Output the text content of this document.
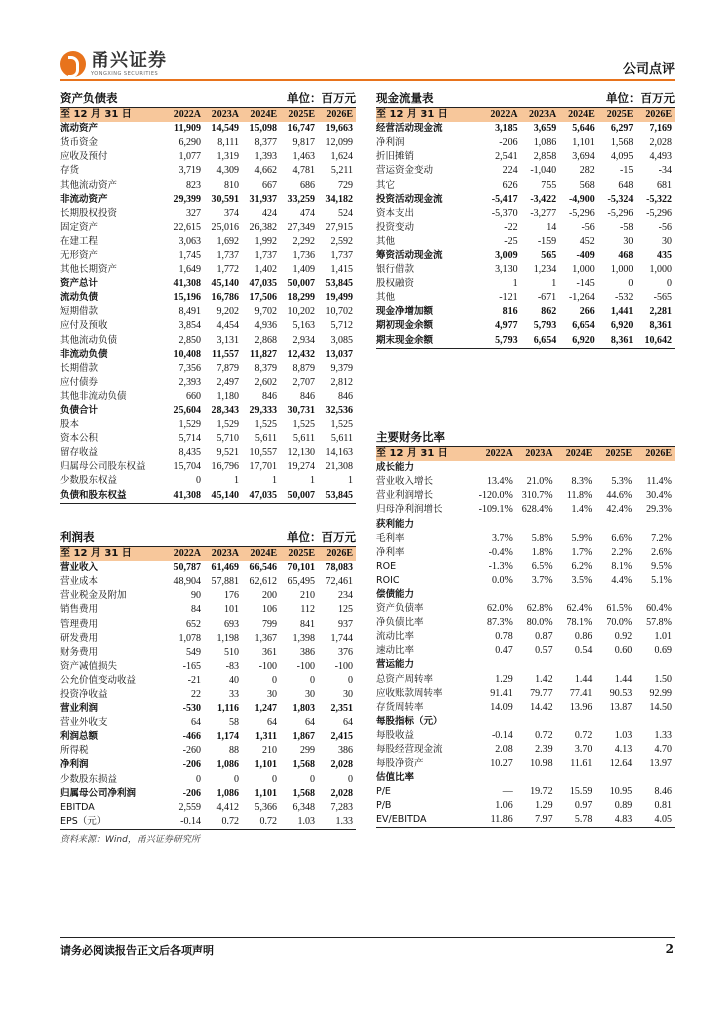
甬兴证券
YONGXING SECURITIES	公司点评
资产负债表	单位：百万元
至 12 月 31 日	2022A	2023A	2024E	2025E	2026E
流动资产	11,909	14,549	15,098	16,747	19,663
货币资金	6,290	8,111	8,377	9,817	12,099
应收及预付	1,077	1,319	1,393	1,463	1,624
存货	3,719	4,309	4,662	4,781	5,211
其他流动资产	823	810	667	686	729
非流动资产	29,399	30,591	31,937	33,259	34,182
长期股权投资	327	374	424	474	524
固定资产	22,615	25,016	26,382	27,349	27,915
在建工程	3,063	1,692	1,992	2,292	2,592
无形资产	1,745	1,737	1,737	1,736	1,737
其他长期资产	1,649	1,772	1,402	1,409	1,415
资产总计	41,308	45,140	47,035	50,007	53,845
流动负债	15,196	16,786	17,506	18,299	19,499
短期借款	8,491	9,202	9,702	10,202	10,702
应付及预收	3,854	4,454	4,936	5,163	5,712
其他流动负债	2,850	3,131	2,868	2,934	3,085
非流动负债	10,408	11,557	11,827	12,432	13,037
长期借款	7,356	7,879	8,379	8,879	9,379
应付债券	2,393	2,497	2,602	2,707	2,812
其他非流动负债	660	1,180	846	846	846
负债合计	25,604	28,343	29,333	30,731	32,536
股本	1,529	1,529	1,525	1,525	1,525
资本公积	5,714	5,710	5,611	5,611	5,611
留存收益	8,435	9,521	10,557	12,130	14,163
归属母公司股东权益	15,704	16,796	17,701	19,274	21,308
少数股东权益	0	1	1	1	1
负债和股东权益	41,308	45,140	47,035	50,007	53,845
现金流量表	单位：百万元
至 12 月 31 日	2022A	2023A	2024E	2025E	2026E
经营活动现金流	3,185	3,659	5,646	6,297	7,169
净利润	-206	1,086	1,101	1,568	2,028
折旧摊销	2,541	2,858	3,694	4,095	4,493
营运资金变动	224	-1,040	282	-15	-34
其它	626	755	568	648	681
投资活动现金流	-5,417	-3,422	-4,900	-5,324	-5,322
资本支出	-5,370	-3,277	-5,296	-5,296	-5,296
投资变动	-22	14	-56	-58	-56
其他	-25	-159	452	30	30
筹资活动现金流	3,009	565	-409	468	435
银行借款	3,130	1,234	1,000	1,000	1,000
股权融资	1	1	-145	0	0
其他	-121	-671	-1,264	-532	-565
现金净增加额	816	862	266	1,441	2,281
期初现金余额	4,977	5,793	6,654	6,920	8,361
期末现金余额	5,793	6,654	6,920	8,361	10,642
利润表	单位：百万元
至 12 月 31 日	2022A	2023A	2024E	2025E	2026E
营业收入	50,787	61,469	66,546	70,101	78,083
营业成本	48,904	57,881	62,612	65,495	72,461
营业税金及附加	90	176	200	210	234
销售费用	84	101	106	112	125
管理费用	652	693	799	841	937
研发费用	1,078	1,198	1,367	1,398	1,744
财务费用	549	510	361	386	376
资产减值损失	-165	-83	-100	-100	-100
公允价值变动收益	-21	40	0	0	0
投资净收益	22	33	30	30	30
营业利润	-530	1,116	1,247	1,803	2,351
营业外收支	64	58	64	64	64
利润总额	-466	1,174	1,311	1,867	2,415
所得税	-260	88	210	299	386
净利润	-206	1,086	1,101	1,568	2,028
少数股东损益	0	0	0	0	0
归属母公司净利润	-206	1,086	1,101	1,568	2,028
EBITDA	2,559	4,412	5,366	6,348	7,283
EPS（元）	-0.14	0.72	0.72	1.03	1.33
主要财务比率
至 12 月 31 日	2022A	2023A	2024E	2025E	2026E
成长能力					
营业收入增长	13.4%	21.0%	8.3%	5.3%	11.4%
营业利润增长	-120.0%	310.7%	11.8%	44.6%	30.4%
归母净利润增长	-109.1%	628.4%	1.4%	42.4%	29.3%
获利能力					
毛利率	3.7%	5.8%	5.9%	6.6%	7.2%
净利率	-0.4%	1.8%	1.7%	2.2%	2.6%
ROE	-1.3%	6.5%	6.2%	8.1%	9.5%
ROIC	0.0%	3.7%	3.5%	4.4%	5.1%
偿债能力					
资产负债率	62.0%	62.8%	62.4%	61.5%	60.4%
净负债比率	87.3%	80.0%	78.1%	70.0%	57.8%
流动比率	0.78	0.87	0.86	0.92	1.01
速动比率	0.47	0.57	0.54	0.60	0.69
营运能力					
总资产周转率	1.29	1.42	1.44	1.44	1.50
应收账款周转率	91.41	79.77	77.41	90.53	92.99
存货周转率	14.09	14.42	13.96	13.87	14.50
每股指标（元）					
每股收益	-0.14	0.72	0.72	1.03	1.33
每股经营现金流	2.08	2.39	3.70	4.13	4.70
每股净资产	10.27	10.98	11.61	12.64	13.97
估值比率					
P/E	—	19.72	15.59	10.95	8.46
P/B	1.06	1.29	0.97	0.89	0.81
EV/EBITDA	11.86	7.97	5.78	4.83	4.05
资料来源：Wind，甬兴证券研究所
请务必阅读报告正文后各项声明	2
